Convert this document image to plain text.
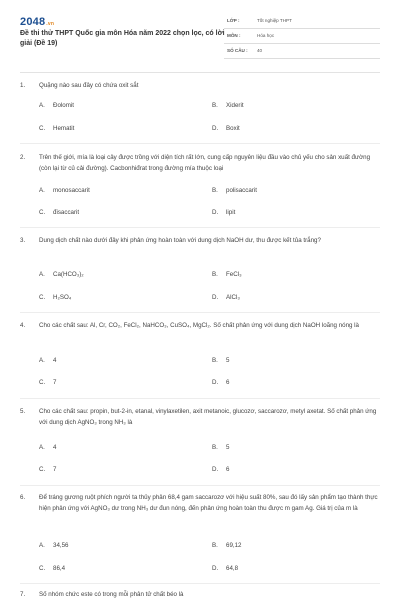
2048.vn
Đề thi thử THPT Quốc gia môn Hóa năm 2022 chọn lọc, có lời giải (Đề 19)
LỚP :	Tốt nghiệp THPT
MÔN :	Hóa học
SỐ CÂU : 40
1. Quặng nào sau đây có chứa oxit sắt
A. Đolomit	B. Xiderit
C. Hematit	D. Boxit
2. Trên thế giới, mía là loại cây được trồng với diện tích rất lớn, cung cấp nguyên liệu đầu vào chủ yếu cho sản xuất đường (còn lại từ củ cải đường). Cacbonhiđrat trong đường mía thuộc loại
A. monosaccarit	B. polisaccarit
C. đisaccarit	D. lipit
3. Dung dịch chất nào dưới đây khi phản ứng hoàn toàn với dung dịch NaOH dư, thu được kết tủa trắng?
A. Ca(HCO₃)₂	B. FeCl₃
C. H₂SO₄	D. AlCl₃
4. Cho các chất sau: Al, Cr, CO₂, FeCl₂, NaHCO₃, CuSO₄, MgCl₂. Số chất phản ứng với dung dịch NaOH loãng nóng là
A. 4	B. 5
C. 7	D. 6
5. Cho các chất sau: propin, but-2-in, etanal, vinylaxetilen, axit metanoic, glucozơ, saccarozơ, metyl axetat. Số chất phản ứng với dung dịch AgNO₃ trong NH₃ là
A. 4	B. 5
C. 7	D. 6
6. Để tráng gương ruột phích người ta thủy phân 68,4 gam saccarozơ với hiệu suất 80%, sau đó lấy sản phẩm tạo thành thực hiện phản ứng với AgNO₃ dư trong NH₃ dư đun nóng, đến phản ứng hoàn toàn thu được m gam Ag. Giá trị của m là
A. 34,56	B. 69,12
C. 86,4	D. 64,8
7. Số nhóm chức este có trong mỗi phân tử chất béo là
